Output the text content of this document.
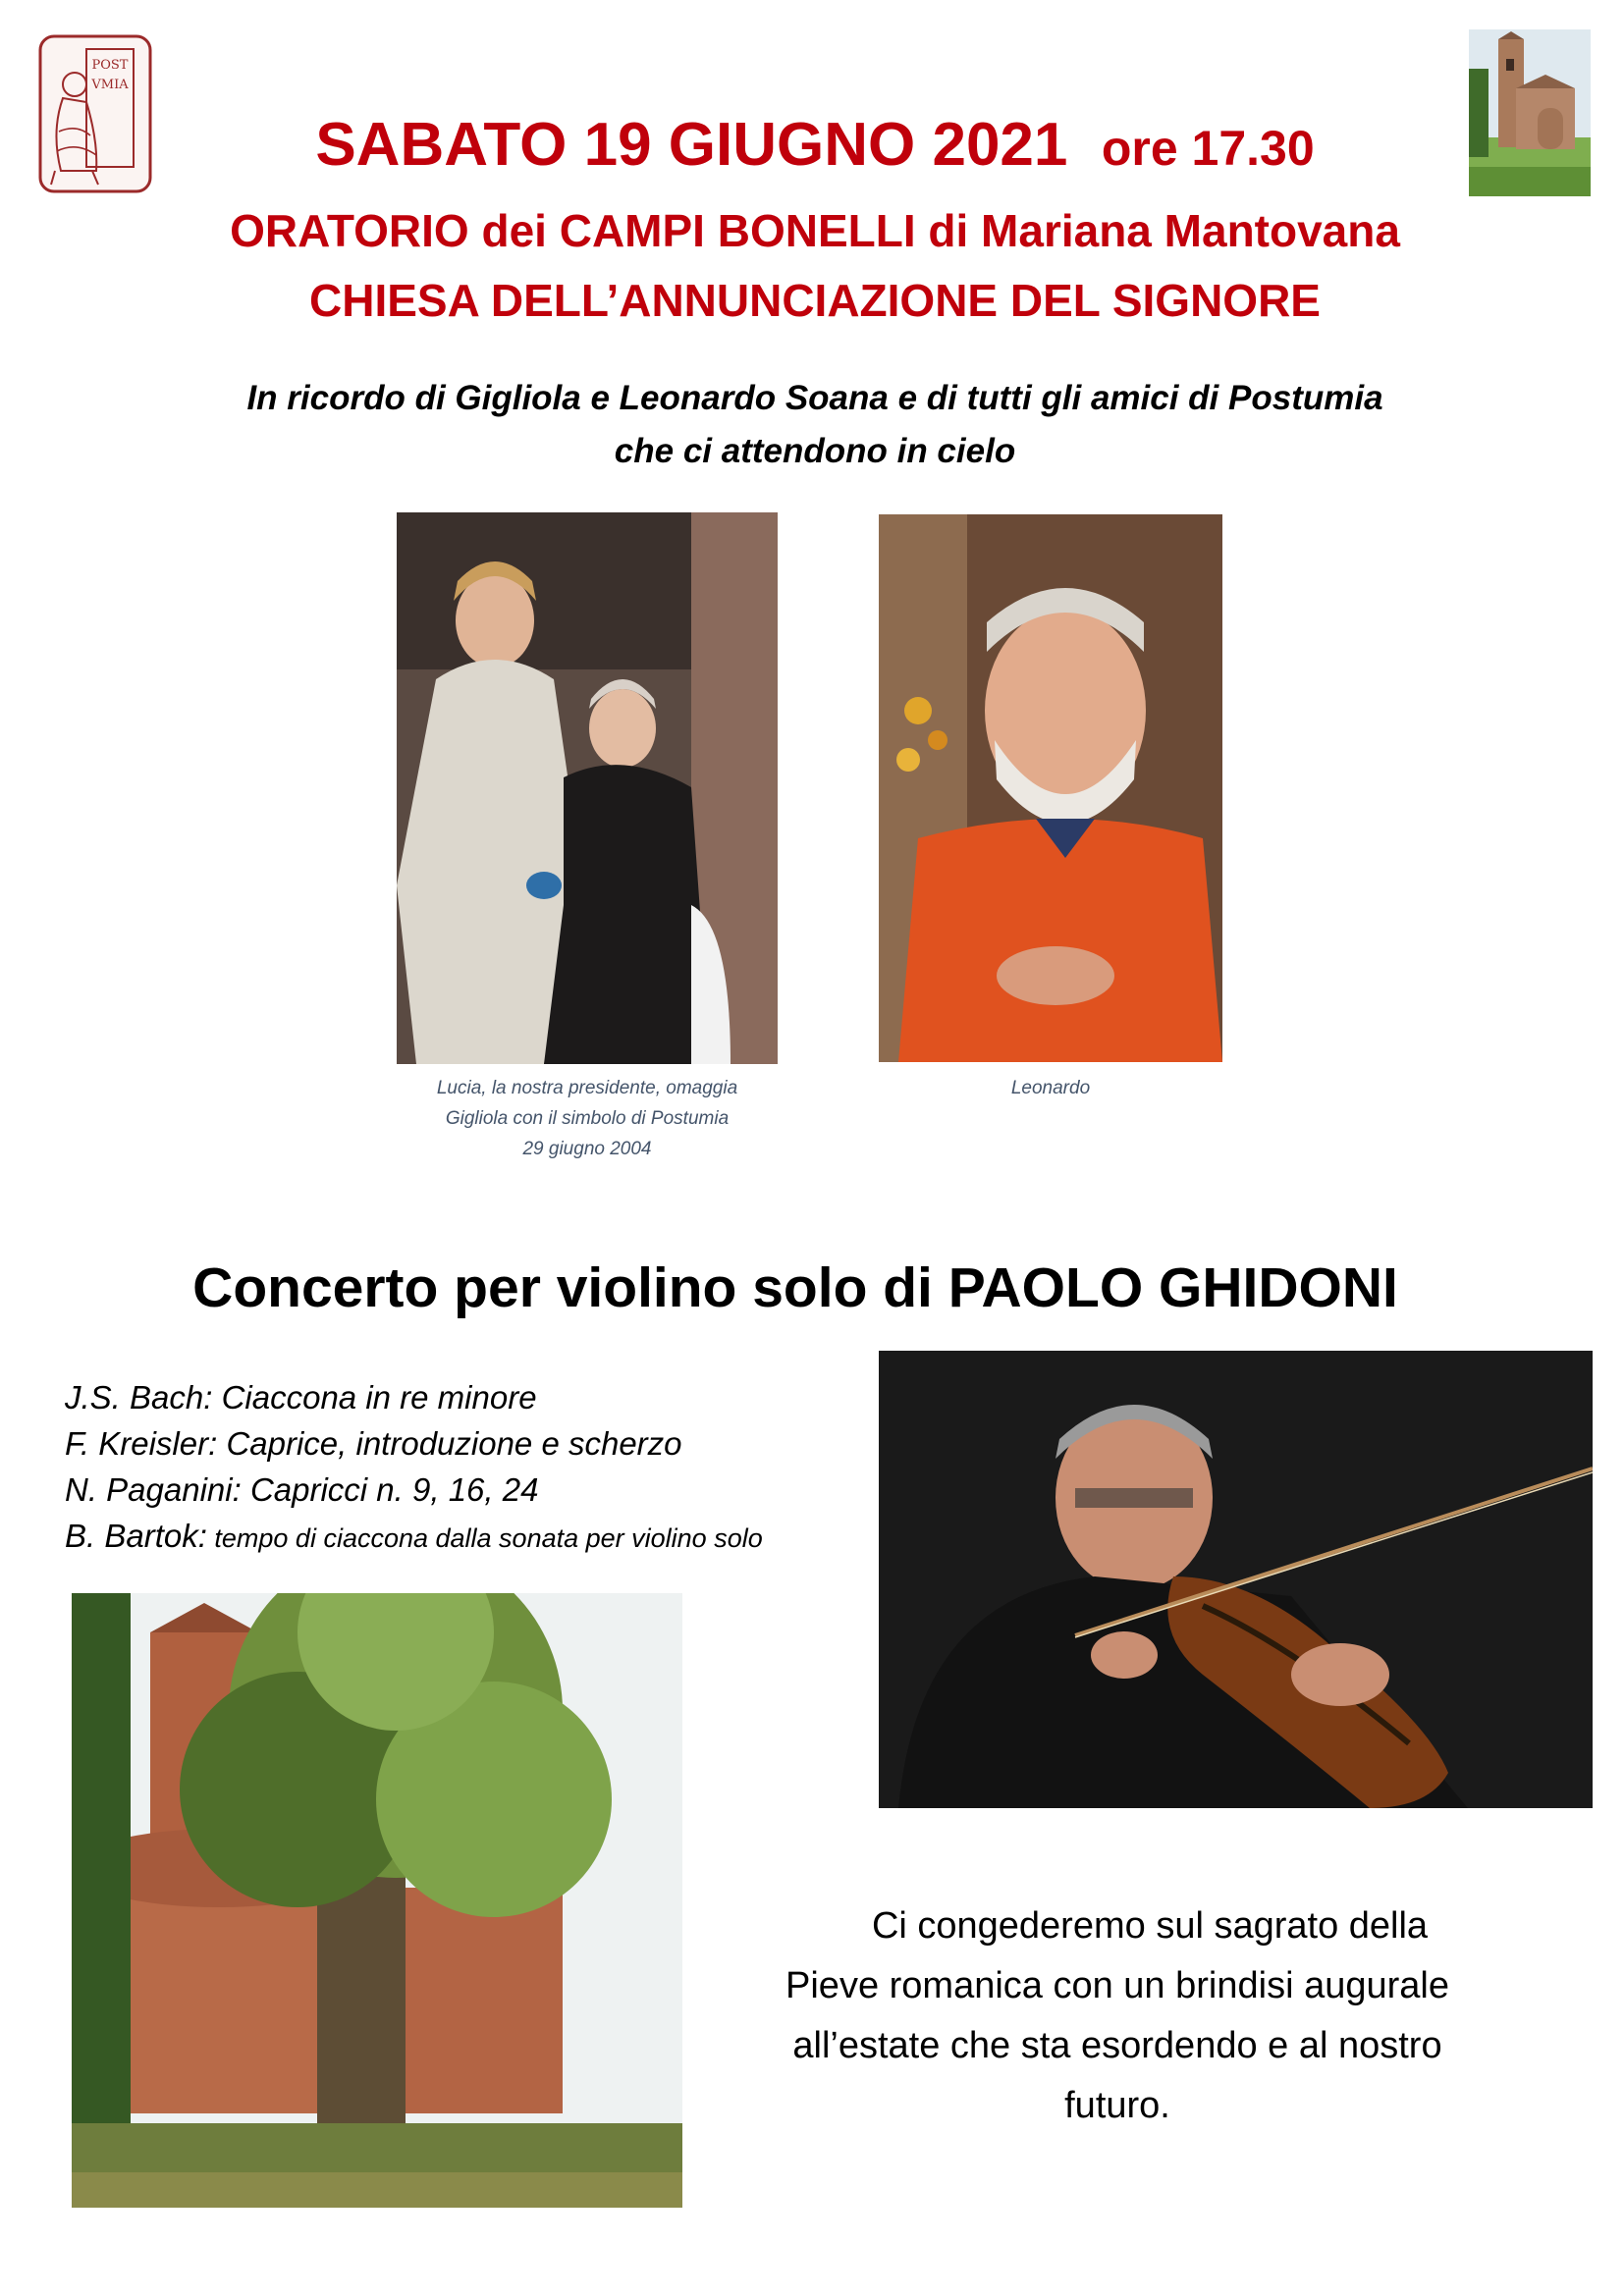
POST
VMIA
SABATO 19 GIUGNO 2021 ore 17.30
ORATORIO dei CAMPI BONELLI di Mariana Mantovana
CHIESA DELL’ANNUNCIAZIONE DEL SIGNORE
In ricordo di Gigliola e Leonardo Soana e di tutti gli amici di Postumia
che ci attendono in cielo
Lucia, la nostra presidente, omaggia
Gigliola con il simbolo di Postumia
29 giugno 2004
Leonardo
Concerto per violino solo di PAOLO GHIDONI
J.S. Bach: Ciaccona in re minore
F. Kreisler: Caprice, introduzione e scherzo
N. Paganini: Capricci n. 9, 16, 24
B. Bartok: tempo di ciaccona dalla sonata per violino solo
Ci congederemo sul sagrato della
Pieve romanica con un brindisi augurale
all’estate che sta esordendo e al nostro
futuro.
